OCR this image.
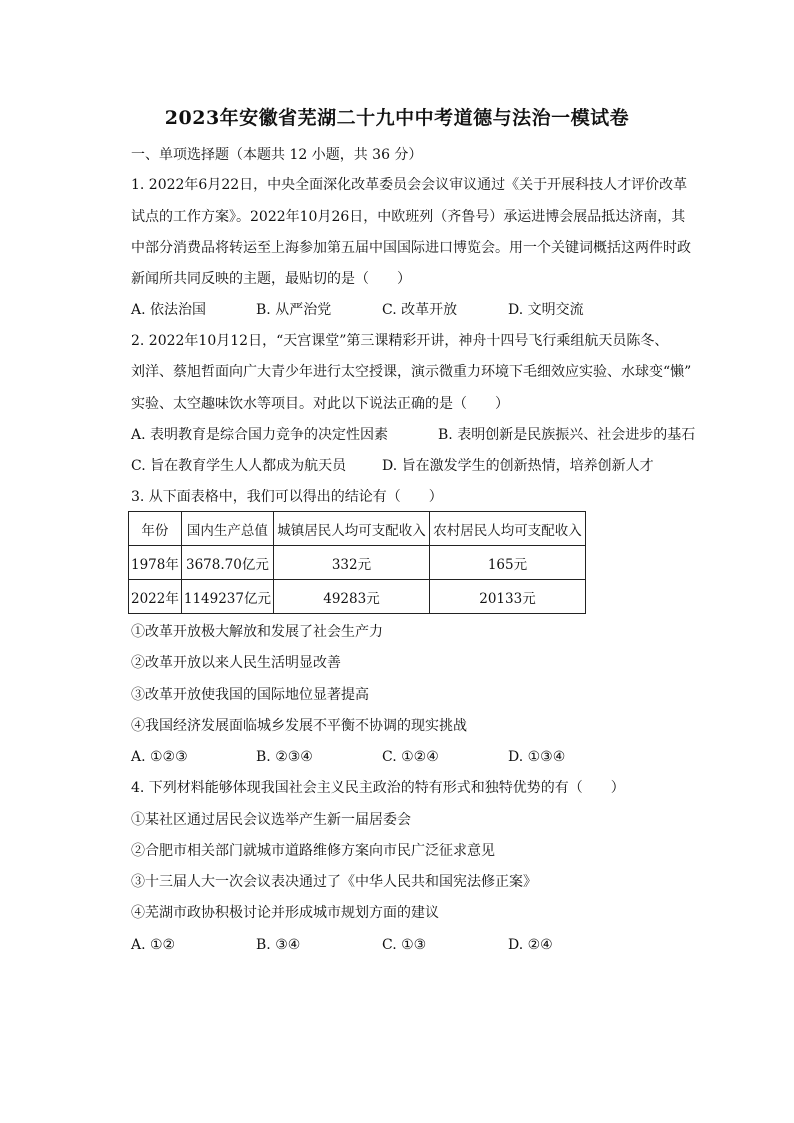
2023年安徽省芜湖二十九中中考道德与法治一模试卷
一、单项选择题（本题共 12 小题，共 36 分）
1. 2022年6月22日，中央全面深化改革委员会会议审议通过《关于开展科技人才评价改革
试点的工作方案》。2022年10月26日，中欧班列（齐鲁号）承运进博会展品抵达济南，其
中部分消费品将转运至上海参加第五届中国国际进口博览会。用一个关键词概括这两件时政
新闻所共同反映的主题，最贴切的是（　　）
A. 依法治国	B. 从严治党	C. 改革开放	D. 文明交流
2. 2022年10月12日，“天宫课堂”第三课精彩开讲，神舟十四号飞行乘组航天员陈冬、
刘洋、蔡旭哲面向广大青少年进行太空授课，演示微重力环境下毛细效应实验、水球变“懒”
实验、太空趣味饮水等项目。对此以下说法正确的是（　　）
A. 表明教育是综合国力竞争的决定性因素	B. 表明创新是民族振兴、社会进步的基石
C. 旨在教育学生人人都成为航天员	D. 旨在激发学生的创新热情，培养创新人才
3. 从下面表格中，我们可以得出的结论有（　　）
年份	国内生产总值	城镇居民人均可支配收入	农村居民人均可支配收入
1978年	3678.70亿元	332元	165元
2022年	1149237亿元	49283元	20133元
①改革开放极大解放和发展了社会生产力
②改革开放以来人民生活明显改善
③改革开放使我国的国际地位显著提高
④我国经济发展面临城乡发展不平衡不协调的现实挑战
A. ①②③	B. ②③④	C. ①②④	D. ①③④
4. 下列材料能够体现我国社会主义民主政治的特有形式和独特优势的有（　　）
①某社区通过居民会议选举产生新一届居委会
②合肥市相关部门就城市道路维修方案向市民广泛征求意见
③十三届人大一次会议表决通过了《中华人民共和国宪法修正案》
④芜湖市政协积极讨论并形成城市规划方面的建议
A. ①②	B. ③④	C. ①③	D. ②④
